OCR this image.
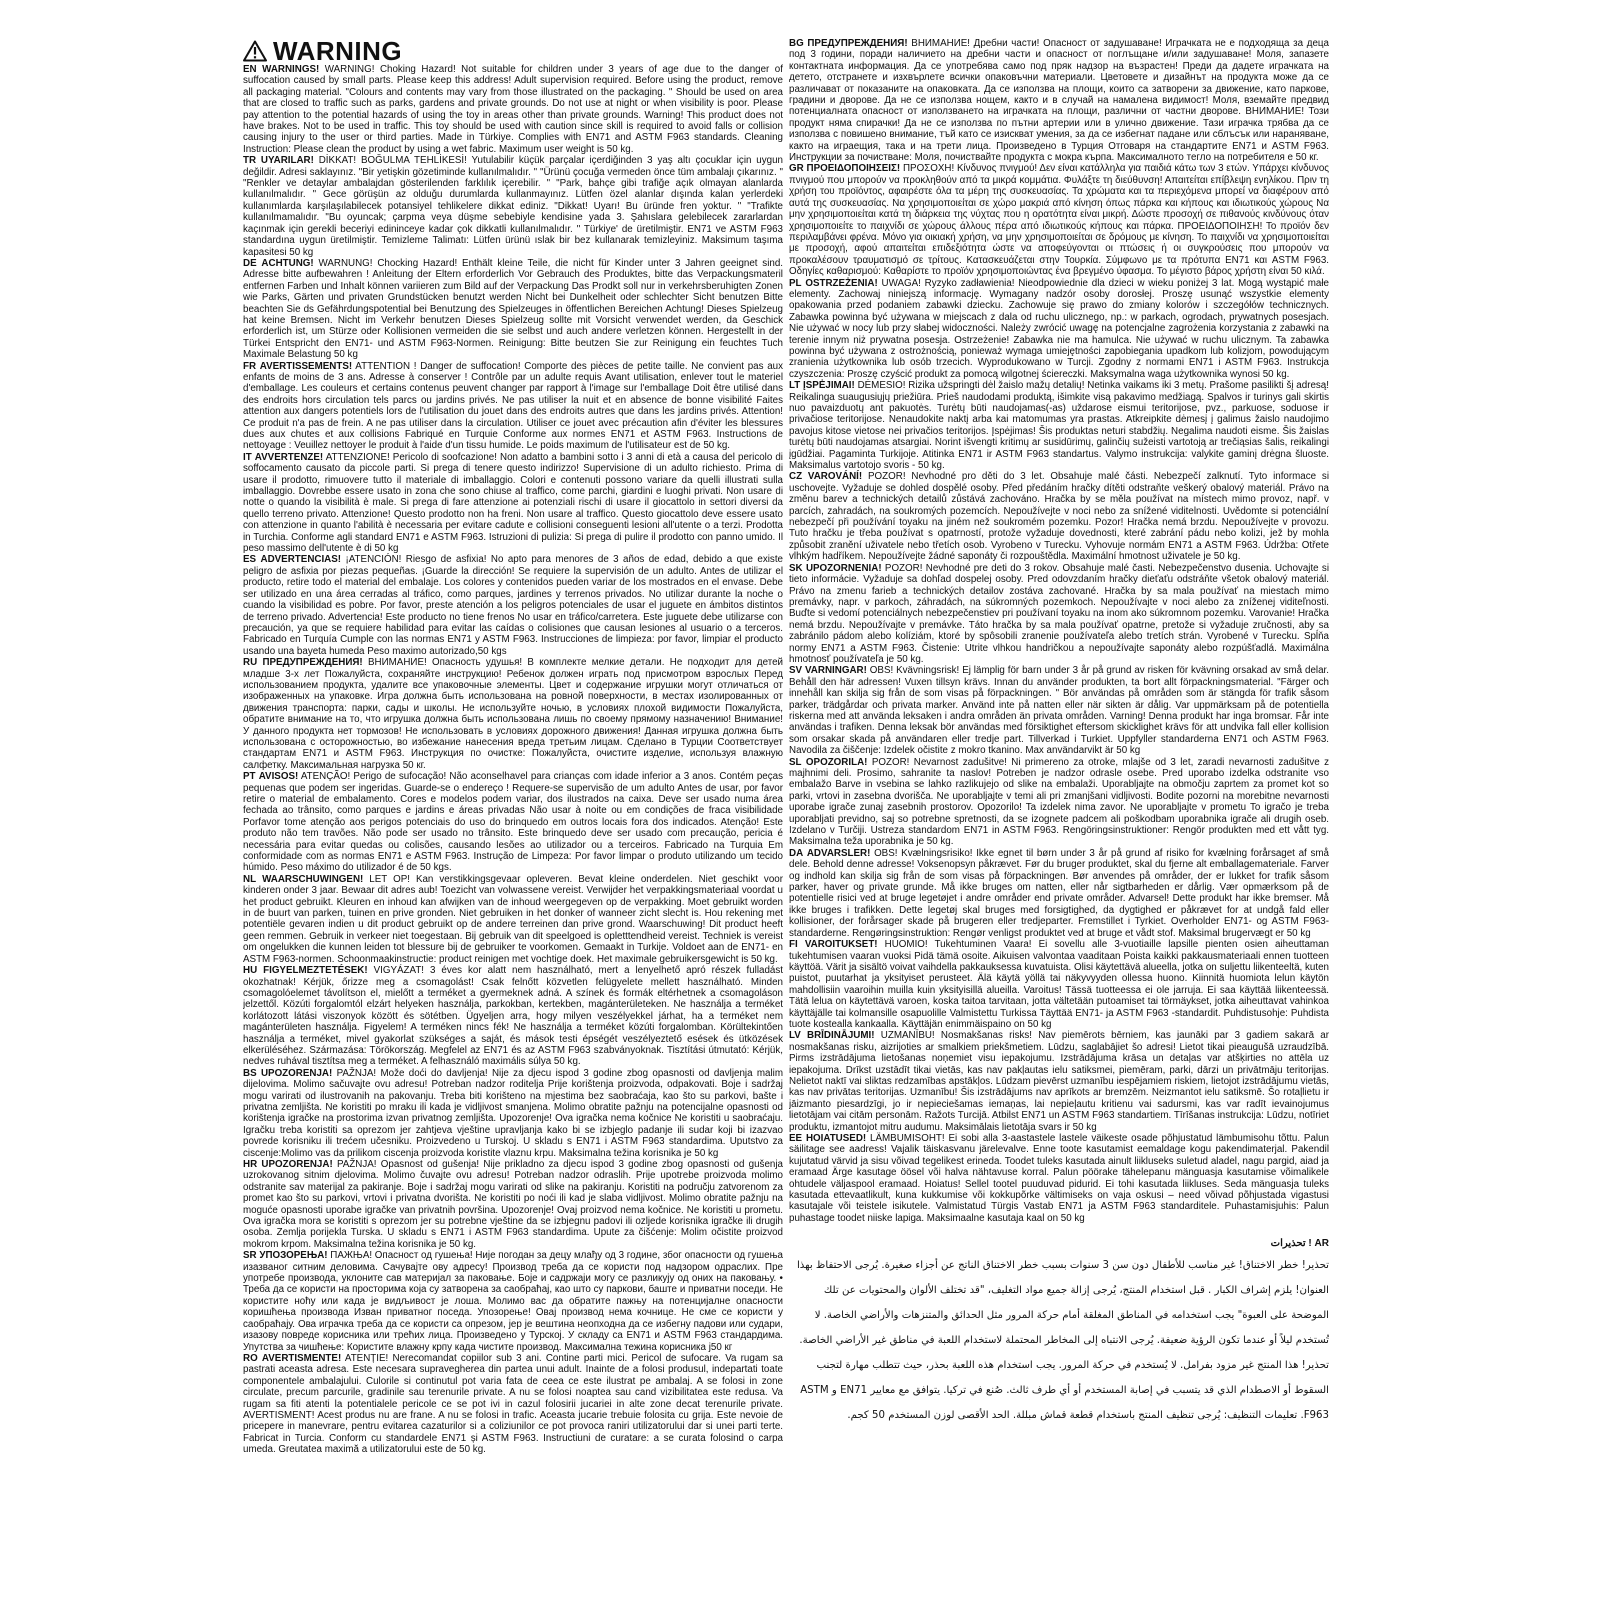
WARNING

EN WARNINGS! WARNING! Choking Hazard! Not suitable for children under 3 years of age due to the danger of suffocation caused by small parts. Please keep this address! Adult supervision required. Before using the product, remove all packaging material. "Colours and contents may vary from those illustrated on the packaging. " Should be used on area that are closed to traffic such as parks, gardens and private grounds. Do not use at night or when visibility is poor. Please pay attention to the potential hazards of using the toy in areas other than private grounds. Warning! This product does not have brakes. Not to be used in traffic. This toy should be used with caution since skill is required to avoid falls or collision causing injury to the user or third parties. Made in Türkiye. Complies with EN71 and ASTM F963 standards. Cleaning Instruction: Please clean the product by using a wet fabric. Maximum user weight is 50 kg.

TR UYARILAR! DİKKAT! BOĞULMA TEHLİKESİ! Yutulabilir küçük parçalar içerdiğinden 3 yaş altı çocuklar için uygun değildir. Adresi saklayınız. "Bir yetişkin gözetiminde kullanılmalıdır. " "Ürünü çocuğa vermeden önce tüm ambalajı çıkarınız. " "Renkler ve detaylar ambalajdan gösterilenden farklılık içerebilir. " "Park, bahçe gibi trafiğe açık olmayan alanlarda kullanılmalıdır. " Gece görüşün az olduğu durumlarda kullanmayınız. Lütfen özel alanlar dışında kalan yerlerdeki kullanımlarda karşılaşılabilecek potansiyel tehlikelere dikkat ediniz. "Dikkat! Uyarı! Bu üründe fren yoktur. " "Trafikte kullanılmamalıdır. "Bu oyuncak; çarpma veya düşme sebebiyle kendisine yada 3. Şahıslara gelebilecek zararlardan kaçınmak için gerekli beceriyi edininceye kadar çok dikkatli kullanılmalıdır. " Türkiye' de üretilmiştir. EN71 ve ASTM F963 standardına uygun üretilmiştir. Temizleme Talimatı: Lütfen ürünü ıslak bir bez kullanarak temizleyiniz. Maksimum taşıma kapasitesi 50 kg

DE ACHTUNG! WARNUNG! Chocking Hazard! Enthält kleine Teile, die nicht für Kinder unter 3 Jahren geeignet sind. Adresse bitte aufbewahren ! Anleitung der Eltern erforderlich Vor Gebrauch des Produktes, bitte das Verpackungsmateril entfernen Farben und Inhalt können variieren zum Bild auf der Verpackung Das Prodkt soll nur in verkehrsberuhigten Zonen wie Parks, Gärten und privaten Grundstücken benutzt werden Nicht bei Dunkelheit oder schlechter Sicht benutzen Bitte beachten Sie ds Gefährdungspotential bei Benutzung des Spielzeuges in öffentlichen Bereichen Achtung! Dieses Spielzeug hat keine Bremsen. Nicht im Verkehr benutzen Dieses Spielzeug sollte mit Vorsicht verwendet werden, da Geschick erforderlich ist, um Stürze oder Kollisionen vermeiden die sie selbst und auch andere verletzen können. Hergestellt in der Türkei Entspricht den EN71- und ASTM F963-Normen. Reinigung: Bitte beutzen Sie zur Reinigung ein feuchtes Tuch Maximale Belastung 50 kg

FR AVERTISSEMENTS! ATTENTION ! Danger de suffocation! Comporte des pièces de petite taille. Ne convient pas aux enfants de moins de 3 ans. Adresse à conserver ! Contrôle par un adulte requis Avant utilisation, enlever tout le materiel d'emballage. Les couleurs et certains contenus peuvent changer par rapport à l'image sur l'emballage Doit être utilisé dans des endroits hors circulation tels parcs ou jardins privés. Ne pas utiliser la nuit et en absence de bonne visibilité Faites attention aux dangers potentiels lors de l'utilisation du jouet dans des endroits autres que dans les jardins privés. Attention! Ce produit n'a pas de frein. A ne pas utiliser dans la circulation. Utiliser ce jouet avec précaution afin d'éviter les blessures dues aux chutes et aux collisions Fabriqué en Turquie Conforme aux normes EN71 et ASTM F963. Instructions de nettoyage : Veuillez nettoyer le produit à l'aide d'un tissu humide. Le poids maximum de l'utilisateur est de 50 kg.

IT AVVERTENZE! ATTENZIONE! Pericolo di soofcazione! Non adatto a bambini sotto i 3 anni di età a causa del pericolo di soffocamento causato da piccole parti. Si prega di tenere questo indirizzo! Supervisione di un adulto richiesto. Prima di usare il prodotto, rimuovere tutto il materiale di imballaggio. Colori e contenuti possono variare da quelli illustrati sulla imballaggio. Dovrebbe essere usato in zona che sono chiuse al traffico, come parchi, giardini e luoghi privati. Non usare di notte o quando la visibilità è male. Si prega di fare attenzione ai potenziali rischi di usare il giocattolo in settori diversi da quello terreno privato. Attenzione! Questo prodotto non ha freni. Non usare al traffico. Questo giocattolo deve essere usato con attenzione in quanto l'abilità è necessaria per evitare cadute e collisioni conseguenti lesioni all'utente o a terzi. Prodotta in Turchia. Conforme agli standard EN71 e ASTM F963. Istruzioni di pulizia: Si prega di pulire il prodotto con panno umido. Il peso massimo dell'utente è di 50 kg

ES ADVERTENCIAS! ¡ATENCIÓN! Riesgo de asfixia! No apto para menores de 3 años de edad, debido a que existe peligro de asfixia por piezas pequeñas. ¡Guarde la dirección! Se requiere la supervisión de un adulto. Antes de utilizar el producto, retire todo el material del embalaje. Los colores y contenidos pueden variar de los mostrados en el envase. Debe ser utilizado en una área cerradas al tráfico, como parques, jardines y terrenos privados. No utilizar durante la noche o cuando la visibilidad es pobre. Por favor, preste atención a los peligros potenciales de usar el juguete en ámbitos distintos de terreno privado. Advertencia! Este producto no tiene frenos No usar en tráfico/carretera. Este juguete debe utilizarse con precaución, ya que se requiere habilidad para evitar las caídas o colisiones que causan lesiones al usuario o a terceros. Fabricado en Turquía Cumple con las normas EN71 y ASTM F963. Instrucciones de limpieza: por favor, limpiar el producto usando una bayeta humeda Peso maximo autorizado,50 kgs

RU ПРЕДУПРЕЖДЕНИЯ! ВНИМАНИЕ! Опасность удушья! В комплекте мелкие детали. Не подходит для детей младше 3-х лет Пожалуйста, сохраняйте инструкцию! Ребенок должен играть под присмотром взрослых Перед использованием продукта, удалите все упаковочные элементы. Цвет и содержание игрушки могут отличаться от изображенных на упаковке. Игра должна быть использована на ровной поверхности, в местах изолированных от движения транспорта: парки, сады и школы. Не используйте ночью, в условиях плохой видимости Пожалуйста, обратите внимание на то, что игрушка должна быть использована лишь по своему прямому назначению! Внимание! У данного продукта нет тормозов! Не использовать в условиях дорожного движения! Данная игрушка должна быть использована с осторожностью, во избежание нанесения вреда третьим лицам. Сделано в Турции Соответствует стандартам EN71 и ASTM F963. Инструкция по очистке: Пожалуйста, очистите изделие, используя влажную салфетку. Максимальная нагрузка 50 кг.

PT AVISOS! ATENÇÃO! Perigo de sufocação! Não aconselhavel para crianças com idade inferior a 3 anos. Contém peças pequenas que podem ser ingeridas. Guarde-se o endereço ! Requere-se supervisão de um adulto Antes de usar, por favor retire o material de embalamento. Cores e modelos podem variar, dos ilustrados na caixa. Deve ser usado numa área fechada ao trânsito, como parques e jardins e áreas privadas Não usar à noite ou em condições de fraca visibilidade Porfavor tome atenção aos perigos potenciais do uso do brinquedo em outros locais fora dos indicados. Atenção! Este produto não tem travões. Não pode ser usado no trânsito. Este brinquedo deve ser usado com precaução, pericia é necessária para evitar quedas ou colisões, causando lesões ao utilizador ou a terceiros. Fabricado na Turquia Em conformidade com as normas EN71 e ASTM F963. Instrução de Limpeza: Por favor limpar o produto utilizando um tecido húmido. Peso máximo do utilizador é de 50 kgs.

NL WAARSCHUWINGEN! LET OP! Kan verstikkingsgevaar opleveren. Bevat kleine onderdelen. Niet geschikt voor kinderen onder 3 jaar. Bewaar dit adres aub! Toezicht van volwassene vereist. Verwijder het verpakkingsmateriaal voordat u het product gebruikt. Kleuren en inhoud kan afwijken van de inhoud weergegeven op de verpakking. Moet gebruikt worden in de buurt van parken, tuinen en prive gronden. Niet gebruiken in het donker of wanneer zicht slecht is. Hou rekening met potentiële gevaren indien u dit product gebruikt op de andere terreinen dan prive grond. Waarschuwing! Dit product heeft geen remmen. Gebruik in verkeer niet toegestaan. Bij gebruik van dit speelgoed is opletttendheid vereist. Techniek is vereist om ongelukken die kunnen leiden tot blessure bij de gebruiker te voorkomen. Gemaakt in Turkije. Voldoet aan de EN71- en ASTM F963-normen. Schoonmaakinstructie: product reinigen met vochtige doek. Het maximale gebruikersgewicht is 50 kg.

HU FIGYELMEZTETÉSEK! VIGYÁZAT! 3 éves kor alatt nem használható, mert a lenyelhető apró részek fulladást okozhatnak! Kérjük, őrizze meg a csomagolást! Csak felnőtt közvetlen felügyelete mellett használható. Minden csomagolóelemet távolítson el, mielőtt a terméket a gyermeknek adná. A színek és formák eltérhetnek a csomagoláson jelzettől. Közúti forgalomtól elzárt helyeken használja, parkokban, kertekben, magánterületeken. Ne használja a terméket korlátozott látási viszonyok között és sötétben. Ügyeljen arra, hogy milyen veszélyekkel járhat, ha a terméket nem magánterületen használja. Figyelem! A terméken nincs fék! Ne használja a terméket közúti forgalomban. Körültekintően használja a terméket, mivel gyakorlat szükséges a saját, és mások testi épségét veszélyeztető esések és ütközések elkerüléséhez. Származása: Törökország. Megfelel az EN71 és az ASTM F963 szabványoknak. Tisztítási útmutató: Kérjük, nedves ruhával tisztítsa meg a terméket. A felhasználó maximális súlya 50 kg.

BS UPOZORENJA! PAŽNJA! Može doći do davljenja! Nije za djecu ispod 3 godine zbog opasnosti od davljenja malim dijelovima. Molimo sačuvajte ovu adresu! Potreban nadzor roditelja Prije korištenja proizvoda, odpakovati. Boje i sadržaj mogu varirati od ilustrovanih na pakovanju. Treba biti korišteno na mjestima bez saobraćaja, kao što su parkovi, bašte i privatna zemljišta. Ne koristiti po mraku ili kada je vidljivost smanjena. Molimo obratite pažnju na potencijalne opasnosti od korištenja igračke na prostorima izvan privatnog zemljišta. Upozorenje! Ova igračka nema kočnice Ne koristiti u saobraćaju. Igračku treba koristiti sa oprezom jer zahtjeva vještine upravljanja kako bi se izbjeglo padanje ili sudar koji bi izazvao povrede korisniku ili trećem učesniku. Proizvedeno u Turskoj. U skladu s EN71 i ASTM F963 standardima. Uputstvo za ciscenje:Molimo vas da prilikom ciscenja proizvoda koristite vlaznu krpu. Maksimalna težina korisnika je 50 kg

HR UPOZORENJA! PAŽNJA! Opasnost od gušenja! Nije prikladno za djecu ispod 3 godine zbog opasnosti od gušenja uzrokovanog sitnim djelovima. Molimo čuvajte ovu adresu! Potreban nadzor odraslih. Prije upotrebe proizvoda molimo odstranite sav materijal za pakiranje. Boje i sadržaj mogu varirati od slike na pakiranju. Koristiti na području zatvorenom za promet kao što su parkovi, vrtovi i privatna dvorišta. Ne koristiti po noći ili kad je slaba vidljivost. Molimo obratite pažnju na moguće opasnosti uporabe igračke van privatnih površina. Upozorenje! Ovaj proizvod nema kočnice. Ne koristiti u prometu. Ova igračka mora se koristiti s oprezom jer su potrebne vještine da se izbjegnu padovi ili ozljede korisnika igračke ili drugih osoba. Zemlja porijekla Turska. U skladu s EN71 i ASTM F963 standardima. Upute za čišćenje: Molim očistite proizvod mokrom krpom. Maksimalna težina korisnika je 50 kg.

SR УПОЗОРЕЊА! ПАЖЊА! Опасност од гушења! Није погодан за децу млађу од 3 године, због опасности од гушења изазваног ситним деловима. Сачувајте ову адресу! Производ треба да се користи под надзором одраслих. Пре употребе производа, уклоните сав материјал за паковање. Боје и садржаји могу се разликују од оних на паковању. • Треба да се користи на просторима која су затворена за саобраћај, као што су паркови, баште и приватни поседи. Не користите ноћу или када је видљивост је лоша. Молимо вас да обратите пажњу на потенцијалне опасности коришћења производа Изван приватног поседа. Упозорење! Овај производ нема кочнице. Не сме се користи у саобраћају. Ова играчка треба да се користи са опрезом, јер је вештина неопходна да се избегну падови или судари, изазову повреде корисника или трећих лица. Произведено у Турској. У складу са EN71 и ASTM F963 стандардима. Упутства за чишћење: Користите влажну крпу када чистите производ. Максимална тежина корисника ј50 кг

RO AVERTISMENTE! ATENȚIE! Nerecomandat copiilor sub 3 ani. Contine parti mici. Pericol de sufocare. Va rugam sa pastrati aceasta adresa. Este necesara supravegherea din partea unui adult. Inainte de a folosi produsul, indepartati toate componentele ambalajului. Culorile si continutul pot varia fata de ceea ce este ilustrat pe ambalaj. A se folosi in zone circulate, precum parcurile, gradinile sau terenurile private. A nu se folosi noaptea sau cand vizibilitatea este redusa. Va rugam sa fiti atenti la potentialele pericole ce se pot ivi in cazul folosirii jucariei in alte zone decat terenurile private. AVERTISMENT! Acest produs nu are frane. A nu se folosi in trafic. Aceasta jucarie trebuie folosita cu grija. Este nevoie de pricepere in manevrare, pentru evitarea cazaturilor si a coliziunilor ce pot provoca raniri utilizatorului dar si unei parti terte. Fabricat in Turcia. Conform cu standardele EN71 și ASTM F963. Instructiuni de curatare: a se curata folosind o carpa umeda. Greutatea maximă a utilizatorului este de 50 kg.

BG ПРЕДУПРЕЖДЕНИЯ! ВНИМАНИЕ! Дребни части! Опасност от задушаване! Играчката не е подходяща за деца под 3 години, поради наличието на дребни части и опасност от поглъщане и/или задушаване! Моля, запазете контактната информация. Да се употребява само под пряк надзор на възрастен! Преди да дадете играчката на детето, отстранете и изхвърлете всички опаковъчни материали. Цветовете и дизайнът на продукта може да се различават от показаните на опаковката. Да се използва на площи, които са затворени за движение, като паркове, градини и дворове. Да не се използва нощем, както и в случай на намалена видимост! Моля, вземайте предвид потенциалната опасност от използването на играчката на площи, различни от частни дворове. ВНИМАНИЕ! Този продукт няма спирачки! Да не се използва по пътни артерии или в улично движение. Тази играчка трябва да се използва с повишено внимание, тъй като се изискват умения, за да се избегнат падане или сблъсък или нараняване, както на играещия, така и на трети лица. Произведено в Турция Отговаря на стандартите EN71 и ASTM F963. Инструкции за почистване: Моля, почиствайте продукта с мокра кърпа. Максималното тегло на потребителя е 50 кг.

GR ΠΡΟΕΙΔΟΠΟΙΗΣΕΙΣ! ΠΡΟΣΟΧΗ! Κίνδυνος πνιγμού! Δεν είναι κατάλληλα για παιδιά κάτω των 3 ετών. Υπάρχει κίνδυνος πνιγμού που μπορούν να προκληθούν από τα μικρά κομμάτια. Φυλάξτε τη διεύθυνση! Απαιτείται επίβλεψη ενηλίκου. Πριν τη χρήση του προϊόντος, αφαιρέστε όλα τα μέρη της συσκευασίας. Τα χρώματα και τα περιεχόμενα μπορεί να διαφέρουν από αυτά της συσκευασίας. Να χρησιμοποιείται σε χώρο μακριά από κίνηση όπως πάρκα και κήπους και ιδιωτικούς χώρους Να μην χρησιμοποιείται κατά τη διάρκεια της νύχτας που η ορατότητα είναι μικρή. Δώστε προσοχή σε πιθανούς κινδύνους όταν χρησιμοποιείτε το παιχνίδι σε χώρους άλλους πέρα από ιδιωτικούς κήπους και πάρκα. ΠΡΟΕΙΔΟΠΟΙΗΣΗ! Το προϊόν δεν περιλαμβάνει φρένα. Μόνο για οικιακή χρήση, να μην χρησιμοποιείται σε δρόμους με κίνηση. Το παιχνίδι να χρησιμοποιείται με προσοχή, αφού απαιτείται επιδεξιότητα ώστε να αποφεύγονται οι πτώσεις ή οι συγκρούσεις που μπορούν να προκαλέσουν τραυματισμό σε τρίτους. Κατασκευάζεται στην Τουρκία. Σύμφωνο με τα πρότυπα EN71 και ASTM F963. Οδηγίες καθαρισμού: Καθαρίστε το προϊόν χρησιμοποιώντας ένα βρεγμένο ύφασμα. Το μέγιστο βάρος χρήστη είναι 50 κιλά.

PL OSTRZEŻENIA! UWAGA! Ryzyko zadławienia! Nieodpowiednie dla dzieci w wieku poniżej 3 lat. Mogą wystąpić małe elementy. Zachowaj niniejszą informację. Wymagany nadzór osoby dorosłej. Proszę usunąć wszystkie elementy opakowania przed podaniem zabawki dziecku. Zachowuje się prawo do zmiany kolorów i szczegółów technicznych. Zabawka powinna być używana w miejscach z dala od ruchu ulicznego, np.: w parkach, ogrodach, prywatnych posesjach. Nie używać w nocy lub przy słabej widoczności. Należy zwrócić uwagę na potencjalne zagrożenia korzystania z zabawki na terenie innym niż prywatna posesja. Ostrzeżenie! Zabawka nie ma hamulca. Nie używać w ruchu ulicznym. Ta zabawka powinna być używana z ostrożnością, ponieważ wymaga umiejętności zapobiegania upadkom lub kolizjom, powodującym zranienia użytkownika lub osób trzecich. Wyprodukowano w Turcji. Zgodny z normami EN71 i ASTM F963. Instrukcja czyszczenia: Proszę czyścić produkt za pomocą wilgotnej ściereczki. Maksymalna waga użytkownika wynosi 50 kg.

LT ĮSPĖJIMAI! DĖMESIO! Rizika užspringti dėl žaislo mažų detalių! Netinka vaikams iki 3 metų. Prašome pasilikti šį adresą! Reikalinga suaugusiųjų priežiūra. Prieš naudodami produktą, išimkite visą pakavimo medžiagą. Spalvos ir turinys gali skirtis nuo pavaizduotų ant pakuotės. Turėtų būti naudojamas(-as) uždarose eismui teritorijose, pvz., parkuose, soduose ir privačiose teritorijose. Nenaudokite naktį arba kai matomumas yra prastas. Atkreipkite dėmesį į galimus žaislo naudojimo pavojus kitose vietose nei privačios teritorijos. Įspėjimas! Šis produktas neturi stabdžių. Negalima naudoti eisme. Šis žaislas turėtų būti naudojamas atsargiai. Norint išvengti kritimų ar susidūrimų, galinčių sužeisti vartotoją ar trečiąsias šalis, reikalingi įgūdžiai. Pagaminta Turkijoje. Atitinka EN71 ir ASTM F963 standartus. Valymo instrukcija: valykite gaminį drėgna šluoste. Maksimalus vartotojo svoris - 50 kg.

CZ VAROVÁNÍ! POZOR! Nevhodné pro děti do 3 let. Obsahuje malé části. Nebezpečí zalknutí. Tyto informace si uschovejte. Vyžaduje se dohled dospělé osoby. Před předáním hračky dítěti odstraňte veškerý obalový materiál. Právo na změnu barev a technických detailů zůstává zachováno. Hračka by se měla používat na místech mimo provoz, např. v parcích, zahradách, na soukromých pozemcích. Nepoužívejte v noci nebo za snížené viditelnosti. Uvědomte si potenciální nebezpečí při používání toyaku na jiném než soukromém pozemku. Pozor! Hračka nemá brzdu. Nepoužívejte v provozu. Tuto hračku je třeba používat s opatrností, protože vyžaduje dovednosti, které zabrání pádu nebo kolizi, jež by mohla způsobit zranění uživatele nebo třetích osob. Vyrobeno v Turecku. Vyhovuje normám EN71 a ASTM F963. Údržba: Otřete vlhkým hadříkem. Nepoužívejte žádné saponáty či rozpouštědla. Maximální hmotnost uživatele je 50 kg.

SK UPOZORNENIA! POZOR! Nevhodné pre deti do 3 rokov. Obsahuje malé časti. Nebezpečenstvo dusenia. Uchovajte si tieto informácie. Vyžaduje sa dohľad dospelej osoby. Pred odovzdaním hračky dieťaťu odstráňte všetok obalový materiál. Právo na zmenu farieb a technických detailov zostáva zachované. Hračka by sa mala používať na miestach mimo premávky, napr. v parkoch, záhradách, na súkromných pozemkoch. Nepoužívajte v noci alebo za zníženej viditeľnosti. Buďte si vedomí potenciálnych nebezpečenstiev pri používaní toyaku na inom ako súkromnom pozemku. Varovanie! Hračka nemá brzdu. Nepoužívajte v premávke. Táto hračka by sa mala používať opatrne, pretože si vyžaduje zručnosti, aby sa zabránilo pádom alebo kolíziám, ktoré by spôsobili zranenie používateľa alebo tretích strán. Vyrobené v Turecku. Spĺňa normy EN71 a ASTM F963. Čistenie: Utrite vlhkou handričkou a nepoužívajte saponáty alebo rozpúšťadlá. Maximálna hmotnosť používateľa je 50 kg.

SV VARNINGAR! OBS! Kvävningsrisk! Ej lämplig för barn under 3 år på grund av risken för kvävning orsakad av små delar. Behåll den här adressen! Vuxen tillsyn krävs. Innan du använder produkten, ta bort allt förpackningsmaterial. "Färger och innehåll kan skilja sig från de som visas på förpackningen. " Bör användas på områden som är stängda för trafik såsom parker, trädgårdar och privata marker. Använd inte på natten eller när sikten är dålig. Var uppmärksam på de potentiella riskerna med att använda leksaken i andra områden än privata områden. Varning! Denna produkt har inga bromsar. Får inte användas i trafiken. Denna leksak bör användas med försiktighet eftersom skicklighet krävs för att undvika fall eller kollision som orsakar skada på användaren eller tredje part. Tillverkad i Turkiet. Uppfyller standarderna EN71 och ASTM F963. Navodila za čiščenje: Izdelek očistite z mokro tkanino. Max användarvikt är 50 kg

SL OPOZORILA! POZOR! Nevarnost zadušitve! Ni primereno za otroke, mlajše od 3 let, zaradi nevarnosti zadušitve z majhnimi deli. Prosimo, sahranite ta naslov! Potreben je nadzor odrasle osebe. Pred uporabo izdelka odstranite vso embalažo Barve in vsebina se lahko razlikujejo od slike na embalaži. Uporabljajte na območju zaprtem za promet kot so parki, vrtovi in zasebna dvorišča. Ne uporabljajte v temi ali pri zmanjšani vidljivosti. Bodite pozorni na morebitne nevarnosti uporabe igrače zunaj zasebnih prostorov. Opozorilo! Ta izdelek nima zavor. Ne uporabljajte v prometu To igračo je treba uporabljati previdno, saj so potrebne spretnosti, da se izognete padcem ali poškodbam uporabnika igrače ali drugih oseb. Izdelano v Turčiji. Ustreza standardom EN71 in ASTM F963. Rengöringsinstruktioner: Rengör produkten med ett vått tyg. Maksimalna teža uporabnika je 50 kg.

DA ADVARSLER! OBS! Kvælningsrisiko! Ikke egnet til børn under 3 år på grund af risiko for kvælning forårsaget af små dele. Behold denne adresse! Voksenopsyn påkrævet. Før du bruger produktet, skal du fjerne alt emballagemateriale. Farver og indhold kan skilja sig från de som visas på förpackningen. Bør anvendes på områder, der er lukket for trafik såsom parker, haver og private grunde. Må ikke bruges om natten, eller når sigtbarheden er dårlig. Vær opmærksom på de potentielle risici ved at bruge legetøjet i andre områder end private områder. Advarsel! Dette produkt har ikke bremser. Må ikke bruges i trafikken. Dette legetøj skal bruges med forsigtighed, da dygtighed er påkrævet for at undgå fald eller kollisioner, der forårsager skade på brugeren eller tredjeparter. Fremstillet i Tyrkiet. Overholder EN71- og ASTM F963-standarderne. Rengøringsinstruktion: Rengør venligst produktet ved at bruge et vådt stof. Maksimal brugervægt er 50 kg

FI VAROITUKSET! HUOMIO! Tukehtuminen Vaara! Ei sovellu alle 3-vuotiaille lapsille pienten osien aiheuttaman tukehtumisen vaaran vuoksi Pidä tämä osoite. Aikuisen valvontaa vaaditaan Poista kaikki pakkausmateriaali ennen tuotteen käyttöä. Värit ja sisältö voivat vaihdella pakkauksessa kuvatuista. Olisi käytettävä alueella, jotka on suljettu liikenteeltä, kuten puistot, puutarhat ja yksityiset perusteet. Älä käytä yöllä tai näkyvyyden ollessa huono. Kiinnitä huomiota lelun käytön mahdollisiin vaaroihin muilla kuin yksityisillä alueilla. Varoitus! Tässä tuotteessa ei ole jarruja. Ei saa käyttää liikenteessä. Tätä lelua on käytettävä varoen, koska taitoa tarvitaan, jotta vältetään putoamiset tai törmäykset, jotka aiheuttavat vahinkoa käyttäjälle tai kolmansille osapuolille Valmistettu Turkissa Täyttää EN71- ja ASTM F963 -standardit. Puhdistusohje: Puhdista tuote kostealla kankaalla. Käyttäjän enimmäispaino on 50 kg

LV BRĪDINĀJUMI! UZMANĪBU! Nosmakšanas risks! Nav piemērots bērniem, kas jaunāki par 3 gadiem sakarā ar nosmakšanas risku, aizrijoties ar smalkiem priekšmetiem. Lūdzu, saglabājiet šo adresi! Lietot tikai pieaugušā uzraudzībā. Pirms izstrādājuma lietošanas noņemiet visu iepakojumu. Izstrādājuma krāsa un detaļas var atšķirties no attēla uz iepakojuma. Drīkst uzstādīt tikai vietās, kas nav pakļautas ielu satiksmei, piemēram, parki, dārzi un privātmāju teritorijas. Nelietot naktī vai sliktas redzamības apstākļos. Lūdzam pievērst uzmanību iespējamiem riskiem, lietojot izstrādājumu vietās, kas nav privātas teritorijas. Uzmanību! Šis izstrādājums nav aprīkots ar bremzēm. Neizmantot ielu satiksmē. Šo rotaļlietu ir jāizmanto piesardzīgi, jo ir nepieciešamas iemaņas, lai nepieļautu kritienu vai sadursmi, kas var radīt ievainojumus lietotājam vai citām personām. Ražots Turcijā. Atbilst EN71 un ASTM F963 standartiem. Tīrīšanas instrukcija: Lūdzu, notīriet produktu, izmantojot mitru audumu. Maksimālais lietotāja svars ir 50 kg

EE HOIATUSED! LÄMBUMISOHT! Ei sobi alla 3-aastastele lastele väikeste osade põhjustatud lämbumisohu tõttu. Palun säilitage see aadress! Vajalik täiskasvanu järelevalve. Enne toote kasutamist eemaldage kogu pakendimaterjal. Pakendil kujutatud värvid ja sisu võivad tegelikest erineda. Toodet tuleks kasutada ainult liikluseks suletud aladel, nagu pargid, aiad ja eramaad Ärge kasutage öösel või halva nähtavuse korral. Palun pöörake tähelepanu mänguasja kasutamise võimalikele ohtudele väljaspool eramaad. Hoiatus! Sellel tootel puuduvad pidurid. Ei tohi kasutada liikluses. Seda mänguasja tuleks kasutada ettevaatlikult, kuna kukkumise või kokkupõrke vältimiseks on vaja oskusi – need võivad põhjustada vigastusi kasutajale või teistele isikutele. Valmistatud Türgis Vastab EN71 ja ASTM F963 standarditele. Puhastamisjuhis: Palun puhastage toodet niiske lapiga. Maksimaalne kasutaja kaal on 50 kg

تحذيرات ! AR

تحذير! خطر الاختناق! غير مناسب للأطفال دون سن 3 سنوات بسبب خطر الاختناق الناتج عن أجزاء صغيرة. يُرجى الاحتفاظ بهذا العنوان! يلزم إشراف الكبار . قبل استخدام المنتج، يُرجى إزالة جميع مواد التغليف، "قد تختلف الألوان والمحتويات عن تلك الموضحة على العبوة" يجب استخدامه في المناطق المغلقة أمام حركة المرور مثل الحدائق والمتنزهات والأراضي الخاصة. لا تُستخدم ليلاً أو عندما تكون الرؤية ضعيفة. يُرجى الانتباه إلى المخاطر المحتملة لاستخدام اللعبة في مناطق غير الأراضي الخاصة. تحذير! هذا المنتج غير مزود بفرامل. لا يُستخدم في حركة المرور. يجب استخدام هذه اللعبة بحذر، حيث تتطلب مهارة لتجنب السقوط أو الاصطدام الذي قد يتسبب في إصابة المستخدم أو أي طرف ثالث. صُنع في تركيا. يتوافق مع معايير EN71 و ASTM F963. تعليمات التنظيف: يُرجى تنظيف المنتج باستخدام قطعة قماش مبللة. الحد الأقصى لوزن المستخدم 50 كجم.
